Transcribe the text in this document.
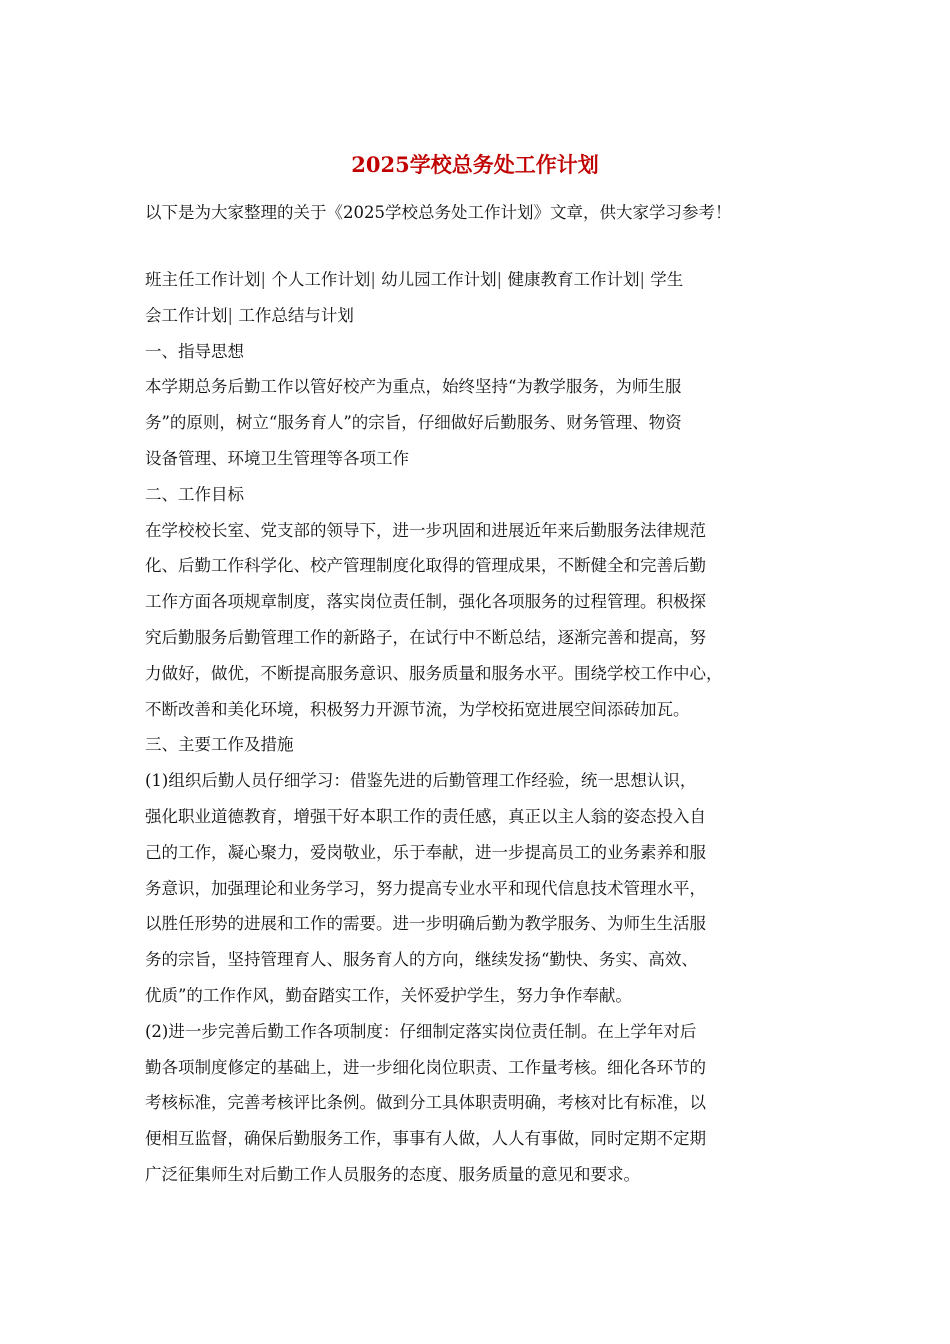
2025学校总务处工作计划
以下是为大家整理的关于《2025学校总务处工作计划》文章，供大家学习参考！
班主任工作计划| 个人工作计划| 幼儿园工作计划| 健康教育工作计划| 学生
会工作计划| 工作总结与计划
一、指导思想
本学期总务后勤工作以管好校产为重点，始终坚持“为教学服务，为师生服
务”的原则，树立“服务育人”的宗旨，仔细做好后勤服务、财务管理、物资
设备管理、环境卫生管理等各项工作
二、工作目标
在学校校长室、党支部的领导下，进一步巩固和进展近年来后勤服务法律规范
化、后勤工作科学化、校产管理制度化取得的管理成果，不断健全和完善后勤
工作方面各项规章制度，落实岗位责任制，强化各项服务的过程管理。积极探
究后勤服务后勤管理工作的新路子，在试行中不断总结，逐渐完善和提高，努
力做好，做优，不断提高服务意识、服务质量和服务水平。围绕学校工作中心，
不断改善和美化环境，积极努力开源节流，为学校拓宽进展空间添砖加瓦。
三、主要工作及措施
(1)组织后勤人员仔细学习：借鉴先进的后勤管理工作经验，统一思想认识，
强化职业道德教育，增强干好本职工作的责任感，真正以主人翁的姿态投入自
己的工作，凝心聚力，爱岗敬业，乐于奉献，进一步提高员工的业务素养和服
务意识，加强理论和业务学习，努力提高专业水平和现代信息技术管理水平，
以胜任形势的进展和工作的需要。进一步明确后勤为教学服务、为师生生活服
务的宗旨，坚持管理育人、服务育人的方向，继续发扬“勤快、务实、高效、
优质”的工作作风，勤奋踏实工作，关怀爱护学生，努力争作奉献。
(2)进一步完善后勤工作各项制度：仔细制定落实岗位责任制。在上学年对后
勤各项制度修定的基础上，进一步细化岗位职责、工作量考核。细化各环节的
考核标准，完善考核评比条例。做到分工具体职责明确，考核对比有标准，以
便相互监督，确保后勤服务工作，事事有人做，人人有事做，同时定期不定期
广泛征集师生对后勤工作人员服务的态度、服务质量的意见和要求。
